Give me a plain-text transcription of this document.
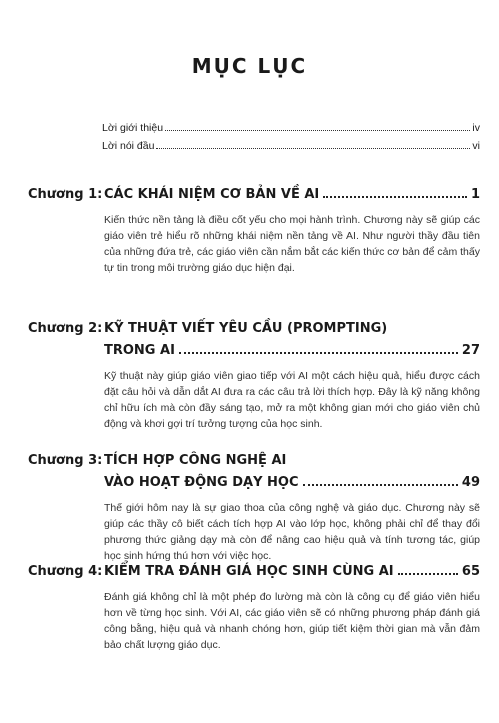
MỤC LỤC
Lời giới thiệu	iv
Lời nói đầu	vi
Chương 1: CÁC KHÁI NIỆM CƠ BẢN VỀ AI	1
Kiến thức nền tảng là điều cốt yếu cho mọi hành trình. Chương này sẽ giúp các giáo viên trẻ hiểu rõ những khái niệm nền tảng về AI. Như người thầy đầu tiên của những đứa trẻ, các giáo viên cần nắm bắt các kiến thức cơ bản để cảm thấy tự tin trong môi trường giáo dục hiện đại.
Chương 2: KỸ THUẬT VIẾT YÊU CẦU (PROMPTING)
TRONG AI	27
Kỹ thuật này giúp giáo viên giao tiếp với AI một cách hiệu quả, hiểu được cách đặt câu hỏi và dẫn dắt AI đưa ra các câu trả lời thích hợp. Đây là kỹ năng không chỉ hữu ích mà còn đầy sáng tạo, mở ra một không gian mới cho giáo viên chủ động và khơi gợi trí tưởng tượng của học sinh.
Chương 3: TÍCH HỢP CÔNG NGHỆ AI
VÀO HOẠT ĐỘNG DẠY HỌC	49
Thế giới hôm nay là sự giao thoa của công nghệ và giáo dục. Chương này sẽ giúp các thầy cô biết cách tích hợp AI vào lớp học, không phải chỉ để thay đổi phương thức giảng dạy mà còn để nâng cao hiệu quả và tính tương tác, giúp học sinh hứng thú hơn với việc học.
Chương 4: KIỂM TRA ĐÁNH GIÁ HỌC SINH CÙNG AI	65
Đánh giá không chỉ là một phép đo lường mà còn là công cụ để giáo viên hiểu hơn về từng học sinh. Với AI, các giáo viên sẽ có những phương pháp đánh giá công bằng, hiệu quả và nhanh chóng hơn, giúp tiết kiệm thời gian mà vẫn đảm bảo chất lượng giáo dục.
